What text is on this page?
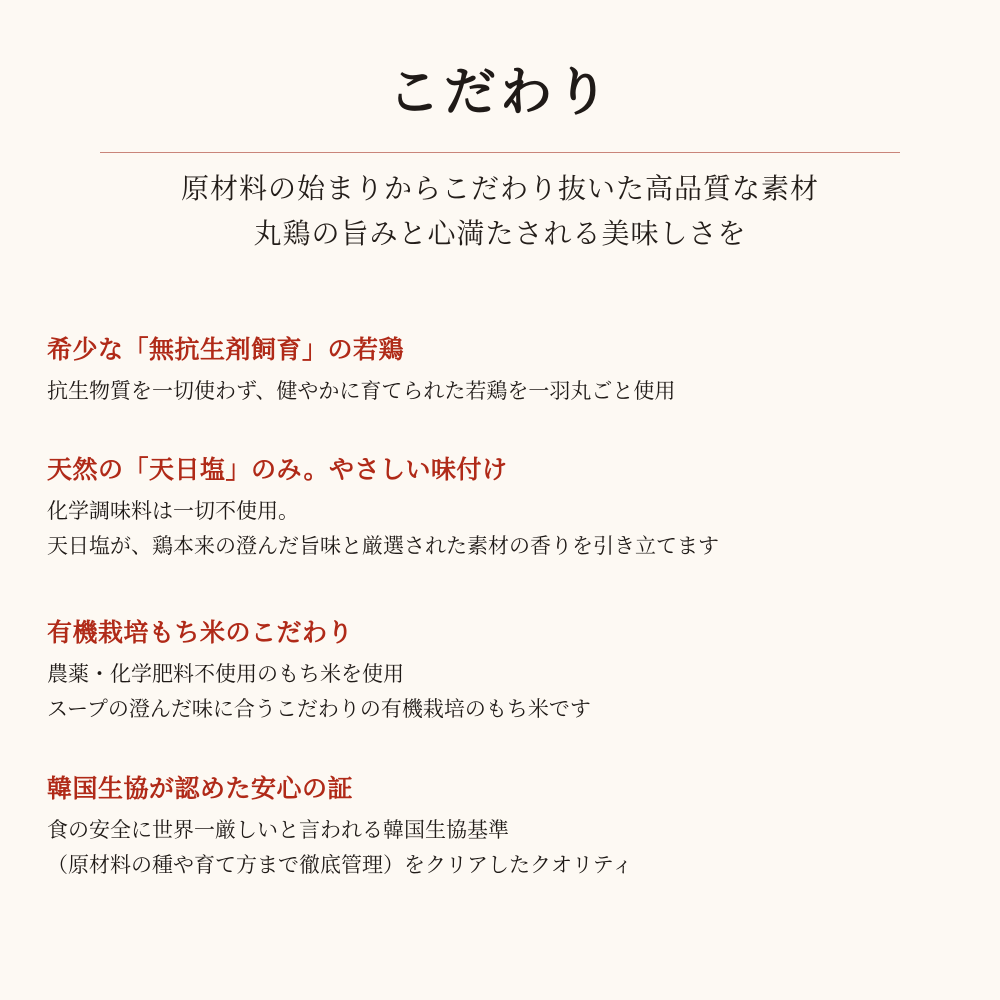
こだわり
原材料の始まりからこだわり抜いた高品質な素材
丸鶏の旨みと心満たされる美味しさを
希少な「無抗生剤飼育」の若鶏
抗生物質を一切使わず、健やかに育てられた若鶏を一羽丸ごと使用
天然の「天日塩」のみ。やさしい味付け
化学調味料は一切不使用。
天日塩が、鶏本来の澄んだ旨味と厳選された素材の香りを引き立てます
有機栽培もち米のこだわり
農薬・化学肥料不使用のもち米を使用
スープの澄んだ味に合うこだわりの有機栽培のもち米です
韓国生協が認めた安心の証
食の安全に世界一厳しいと言われる韓国生協基準
（原材料の種や育て方まで徹底管理）をクリアしたクオリティ
